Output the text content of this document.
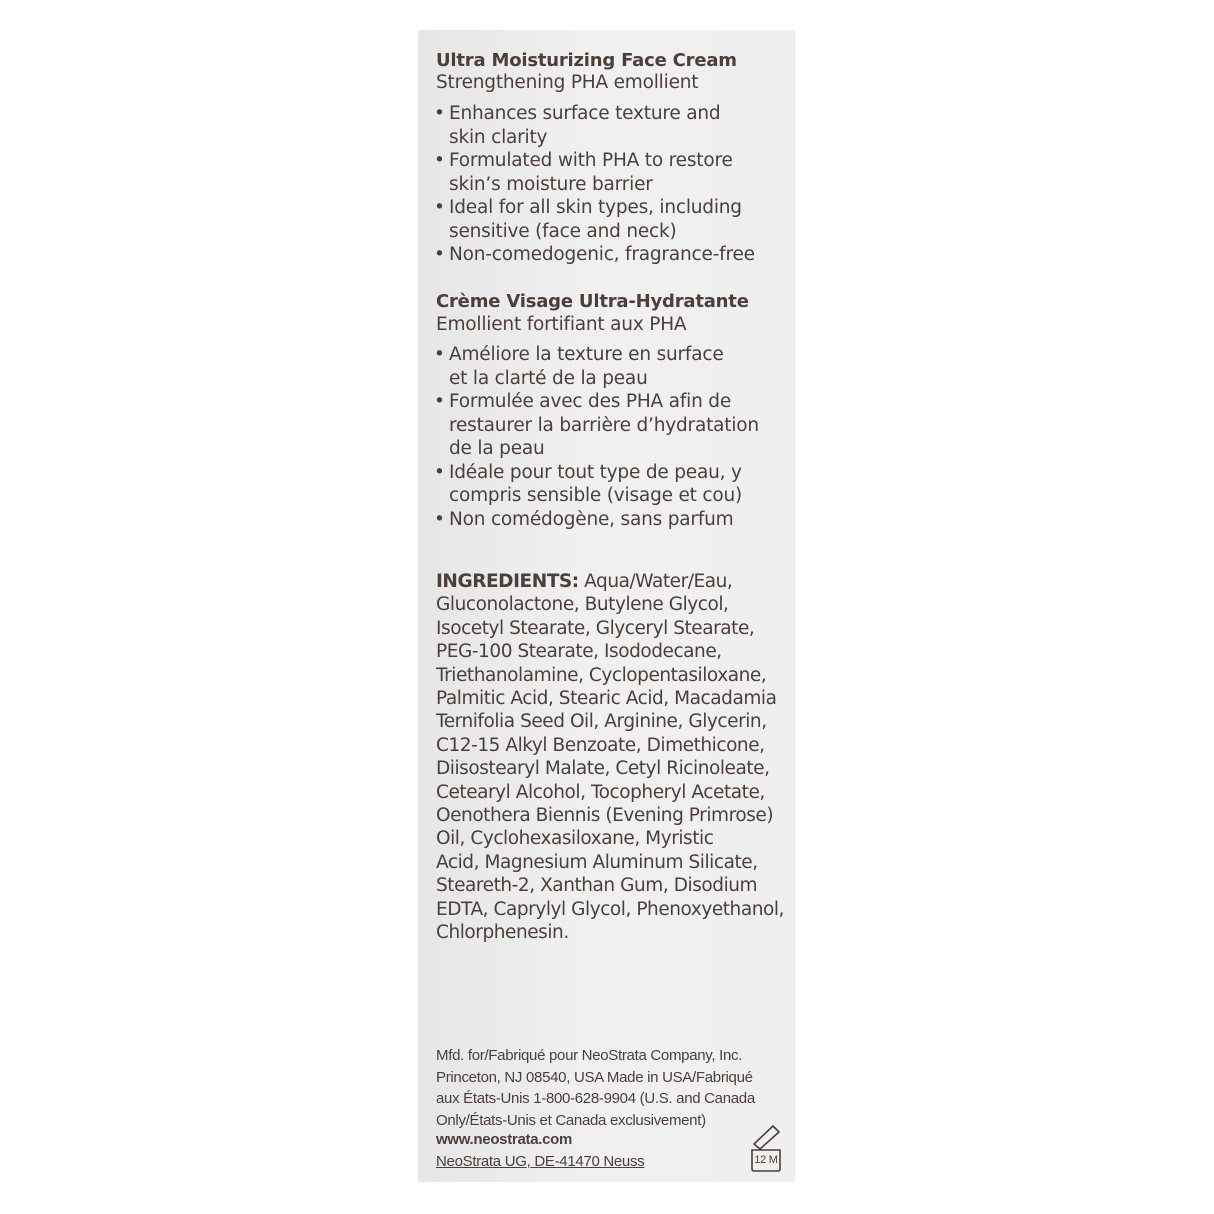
Ultra Moisturizing Face Cream
Strengthening PHA emollient
• Enhances surface texture and
skin clarity
• Formulated with PHA to restore
skin’s moisture barrier
• Ideal for all skin types, including
sensitive (face and neck)
• Non-comedogenic, fragrance-free
Crème Visage Ultra-Hydratante
Emollient fortifiant aux PHA
• Améliore la texture en surface
et la clarté de la peau
• Formulée avec des PHA afin de
restaurer la barrière d’hydratation
de la peau
• Idéale pour tout type de peau, y
compris sensible (visage et cou)
• Non comédogène, sans parfum
INGREDIENTS: Aqua/Water/Eau,
Gluconolactone, Butylene Glycol,
Isocetyl Stearate, Glyceryl Stearate,
PEG-100 Stearate, Isododecane,
Triethanolamine, Cyclopentasiloxane,
Palmitic Acid, Stearic Acid, Macadamia
Ternifolia Seed Oil, Arginine, Glycerin,
C12-15 Alkyl Benzoate, Dimethicone,
Diisostearyl Malate, Cetyl Ricinoleate,
Cetearyl Alcohol, Tocopheryl Acetate,
Oenothera Biennis (Evening Primrose)
Oil, Cyclohexasiloxane, Myristic
Acid, Magnesium Aluminum Silicate,
Steareth-2, Xanthan Gum, Disodium
EDTA, Caprylyl Glycol, Phenoxyethanol,
Chlorphenesin.
Mfd. for/Fabriqué pour NeoStrata Company, Inc.
Princeton, NJ 08540, USA Made in USA/Fabriqué
aux États-Unis 1-800-628-9904 (U.S. and Canada
Only/États-Unis et Canada exclusivement)
www.neostrata.com
NeoStrata UG, DE-41470 Neuss	12 M
